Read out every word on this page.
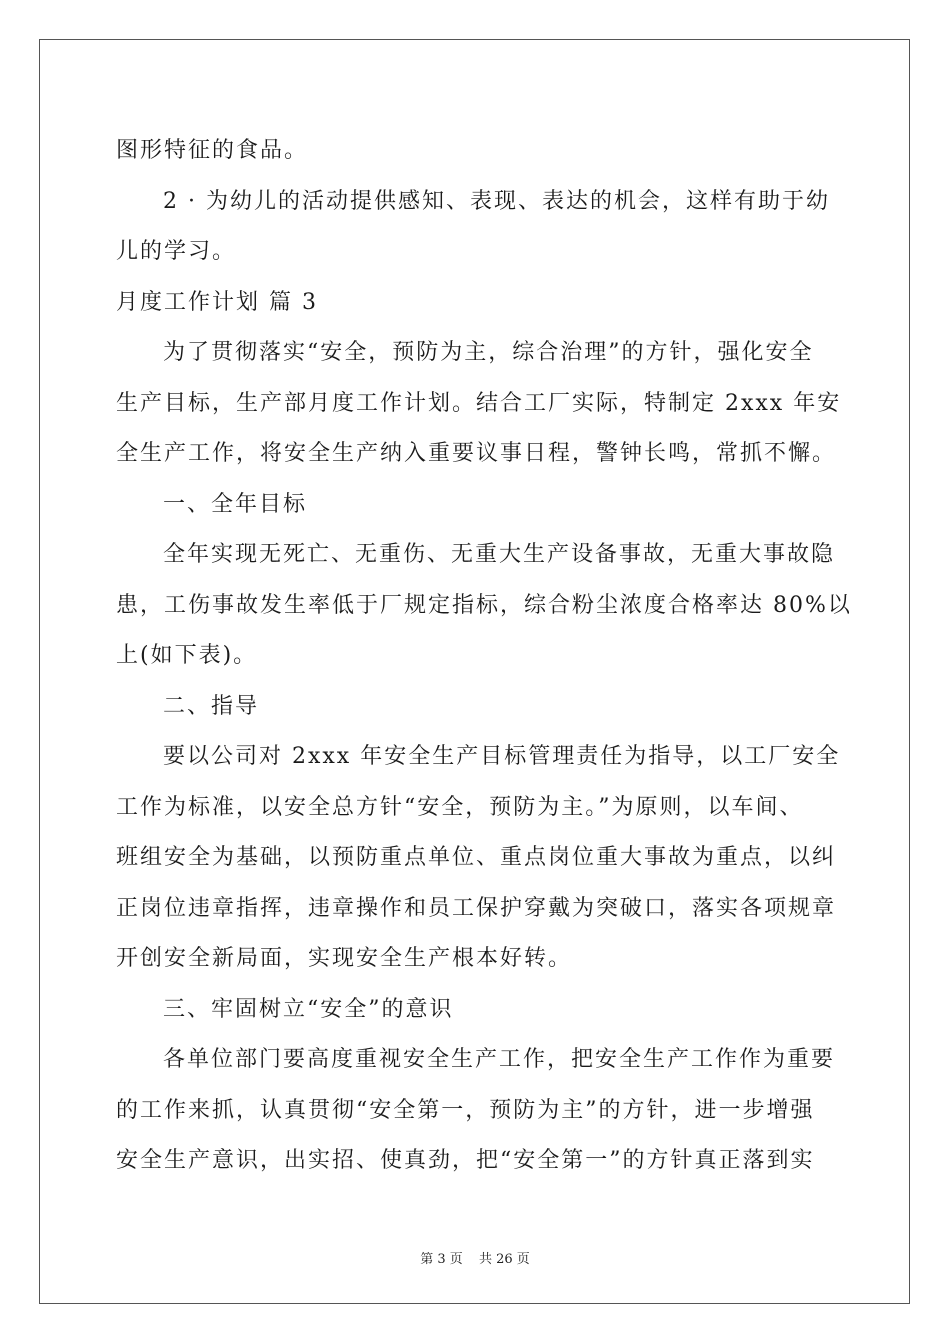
图形特征的食品。
2 · 为幼儿的活动提供感知、表现、表达的机会，这样有助于幼
儿的学习。
月度工作计划 篇 3
为了贯彻落实“安全，预防为主，综合治理”的方针，强化安全
生产目标，生产部月度工作计划。结合工厂实际，特制定 2xxx 年安
全生产工作，将安全生产纳入重要议事日程，警钟长鸣，常抓不懈。
一、全年目标
全年实现无死亡、无重伤、无重大生产设备事故，无重大事故隐
患，工伤事故发生率低于厂规定指标，综合粉尘浓度合格率达 80%以
上(如下表)。
二、指导
要以公司对 2xxx 年安全生产目标管理责任为指导，以工厂安全
工作为标准，以安全总方针“安全，预防为主。”为原则，以车间、
班组安全为基础，以预防重点单位、重点岗位重大事故为重点，以纠
正岗位违章指挥，违章操作和员工保护穿戴为突破口，落实各项规章
开创安全新局面，实现安全生产根本好转。
三、牢固树立“安全”的意识
各单位部门要高度重视安全生产工作，把安全生产工作作为重要
的工作来抓，认真贯彻“安全第一，预防为主”的方针，进一步增强
安全生产意识，出实招、使真劲，把“安全第一”的方针真正落到实
第 3 页 共 26 页
